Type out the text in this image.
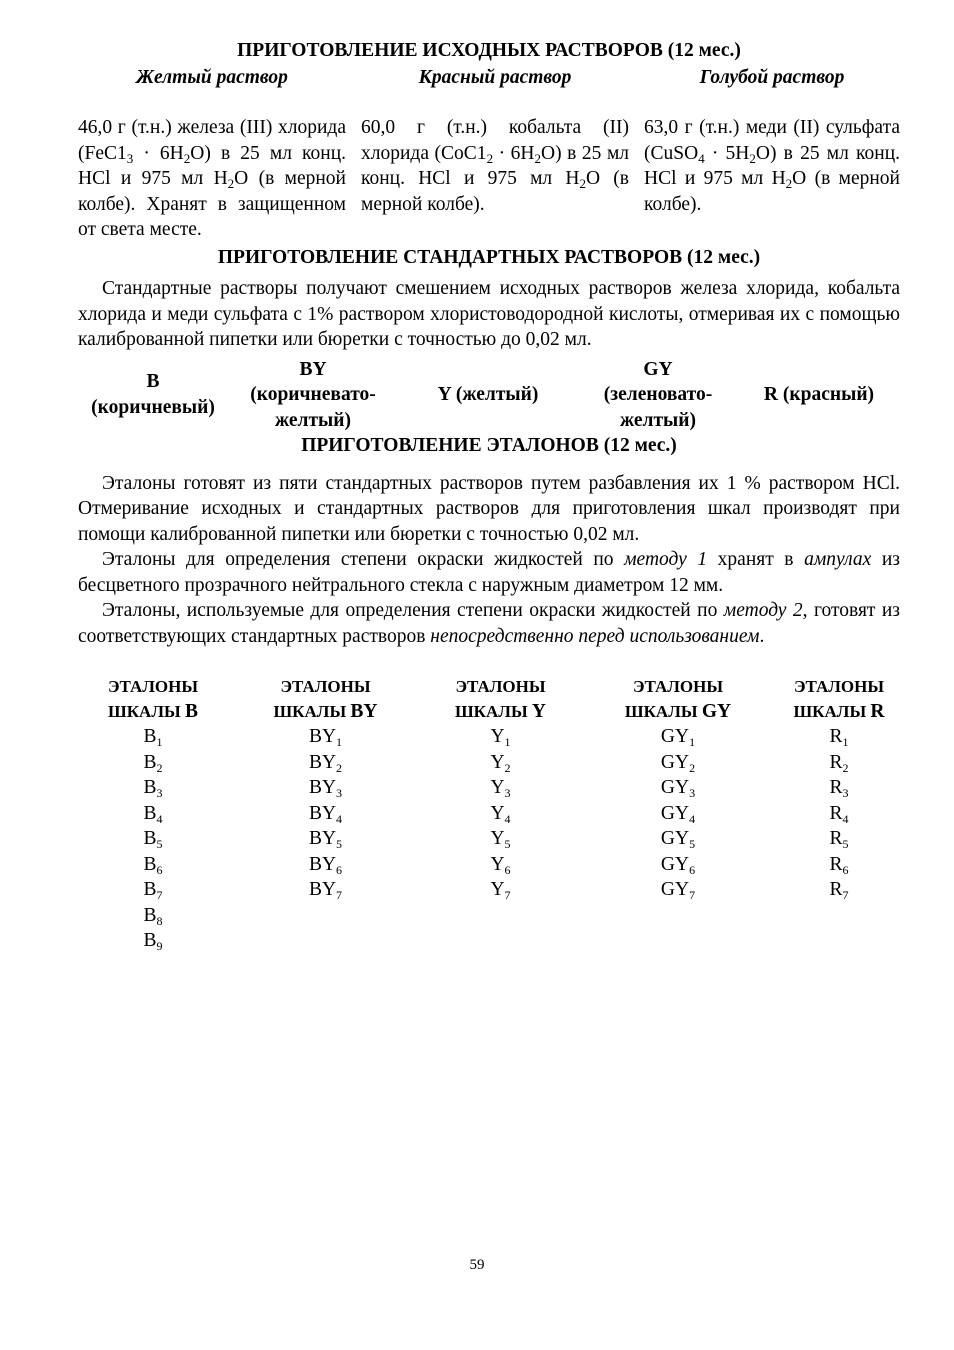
ПРИГОТОВЛЕНИЕ ИСХОДНЫХ РАСТВОРОВ (12 мес.)
Желтый раствор	Красный раствор	Голубой раствор
46,0 г (т.н.) железа (III) хлорида $(FeC1_3 \cdot 6H_2O)$ в 25 мл конц. HCl и 975 мл $H_2O$ (в мерной колбе). Хранят в защищенном от света месте.
60,0 г (т.н.) кобальта (II) хлорида $(CoC1_2 \cdot 6H_2O)$ в 25 мл конц. HCl и 975 мл $H_2O$ (в мерной колбе).
63,0 г (т.н.) меди (II) сульфата (CuSO$_4$ · $5H_2O$) в 25 мл конц. HCl и 975 мл $H_2O$ (в мерной колбе).
ПРИГОТОВЛЕНИЕ СТАНДАРТНЫХ РАСТВОРОВ (12 мес.)

Стандартные растворы получают смешением исходных растворов железа хлорида, кобальта хлорида и меди сульфата с 1% раствором хлористоводородной кислоты, отмеривая их с помощью калиброванной пипетки или бюретки с точностью до 0,02 мл.

B
(коричневый)
BY
(коричневато-желтый)
Y (желтый)
GY
(зеленовато-желтый)
R (красный)
ПРИГОТОВЛЕНИЕ ЭТАЛОНОВ (12 мес.)

Эталоны готовят из пяти стандартных растворов путем разбавления их 1 % раствором HCl. Отмеривание исходных и стандартных растворов для приготовления шкал производят при помощи калиброванной пипетки или бюретки с точностью 0,02 мл.

Эталоны для определения степени окраски жидкостей по методу 1 хранят в ампулах из бесцветного прозрачного нейтрального стекла с наружным диаметром 12 мм.

Эталоны, используемые для определения степени окраски жидкостей по методу 2, готовят из соответствующих стандартных растворов непосредственно перед использованием.

ЭТАЛОНЫ
ШКАЛЫ B
$B_1$
$B_2$
$B_3$
$B_4$
$B_5$
$B_6$
$B_7$
$B_8$
$B_9$
ЭТАЛОНЫ
ШКАЛЫ BY
$BY_1$
$BY_2$
$BY_3$
$BY_4$
$BY_5$
$BY_6$
$BY_7$
ЭТАЛОНЫ
ШКАЛЫ Y
$Y_1$
$Y_2$
$Y_3$
$Y_4$
$Y_5$
$Y_6$
$Y_7$
ЭТАЛОНЫ
ШКАЛЫ GY
$GY_1$
$GY_2$
$GY_3$
$GY_4$
$GY_5$
$GY_6$
$GY_7$
ЭТАЛОНЫ
ШКАЛЫ R
$R_1$
$R_2$
$R_3$
$R_4$
$R_5$
$R_6$
$R_7$
59
